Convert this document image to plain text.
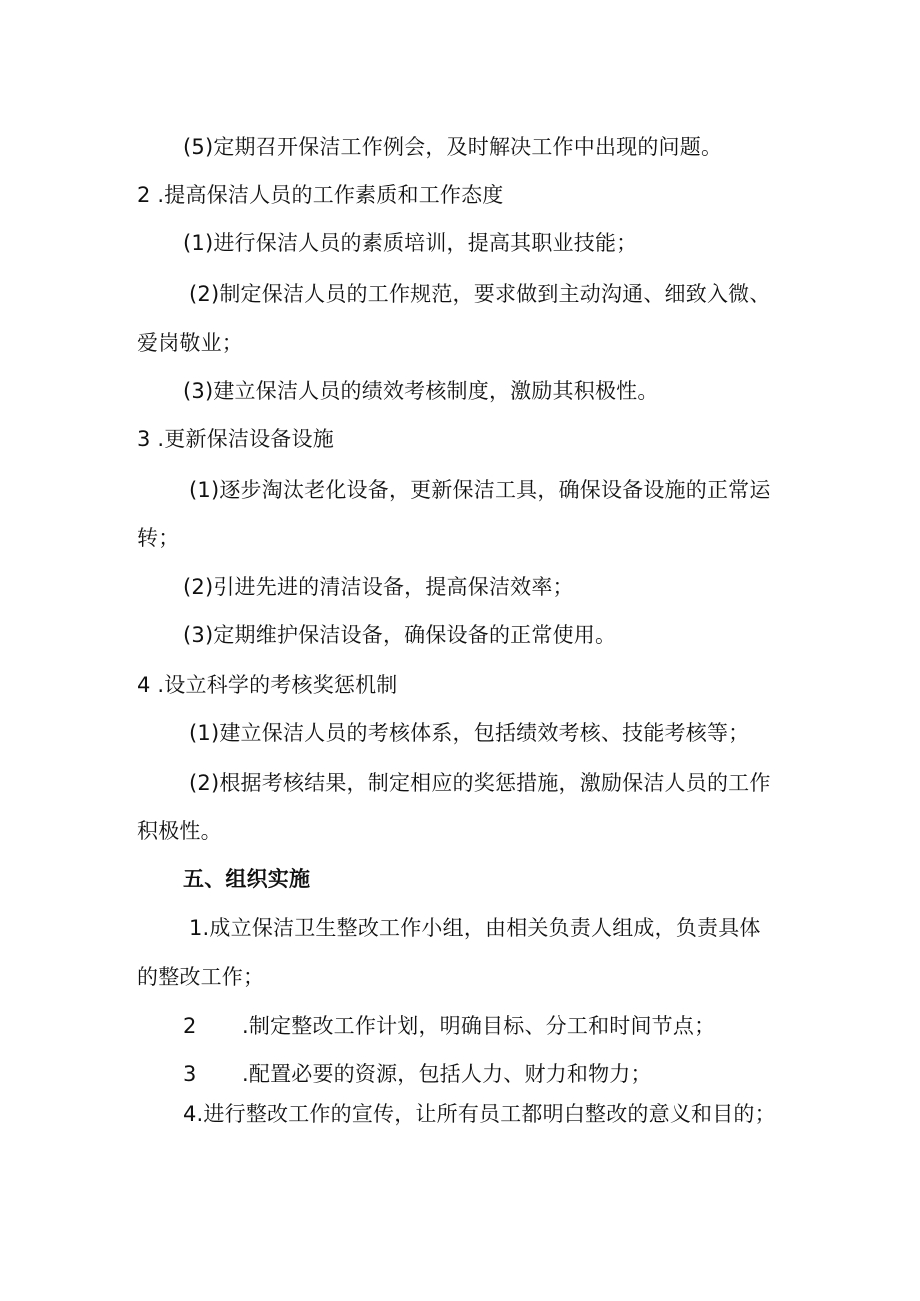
(5)定期召开保洁工作例会，及时解决工作中出现的问题。
2 .提高保洁人员的工作素质和工作态度
(1)进行保洁人员的素质培训，提高其职业技能；
(2)制定保洁人员的工作规范，要求做到主动沟通、细致入微、
爱岗敬业；
(3)建立保洁人员的绩效考核制度，激励其积极性。
3 .更新保洁设备设施
(1)逐步淘汰老化设备，更新保洁工具，确保设备设施的正常运
转；
(2)引进先进的清洁设备，提高保洁效率；
(3)定期维护保洁设备，确保设备的正常使用。
4 .设立科学的考核奖惩机制
(1)建立保洁人员的考核体系，包括绩效考核、技能考核等；
(2)根据考核结果，制定相应的奖惩措施，激励保洁人员的工作
积极性。
五、组织实施
1.成立保洁卫生整改工作小组，由相关负责人组成，负责具体
的整改工作；
2 .制定整改工作计划，明确目标、分工和时间节点；
3 .配置必要的资源，包括人力、财力和物力；
4.进行整改工作的宣传，让所有员工都明白整改的意义和目的；
